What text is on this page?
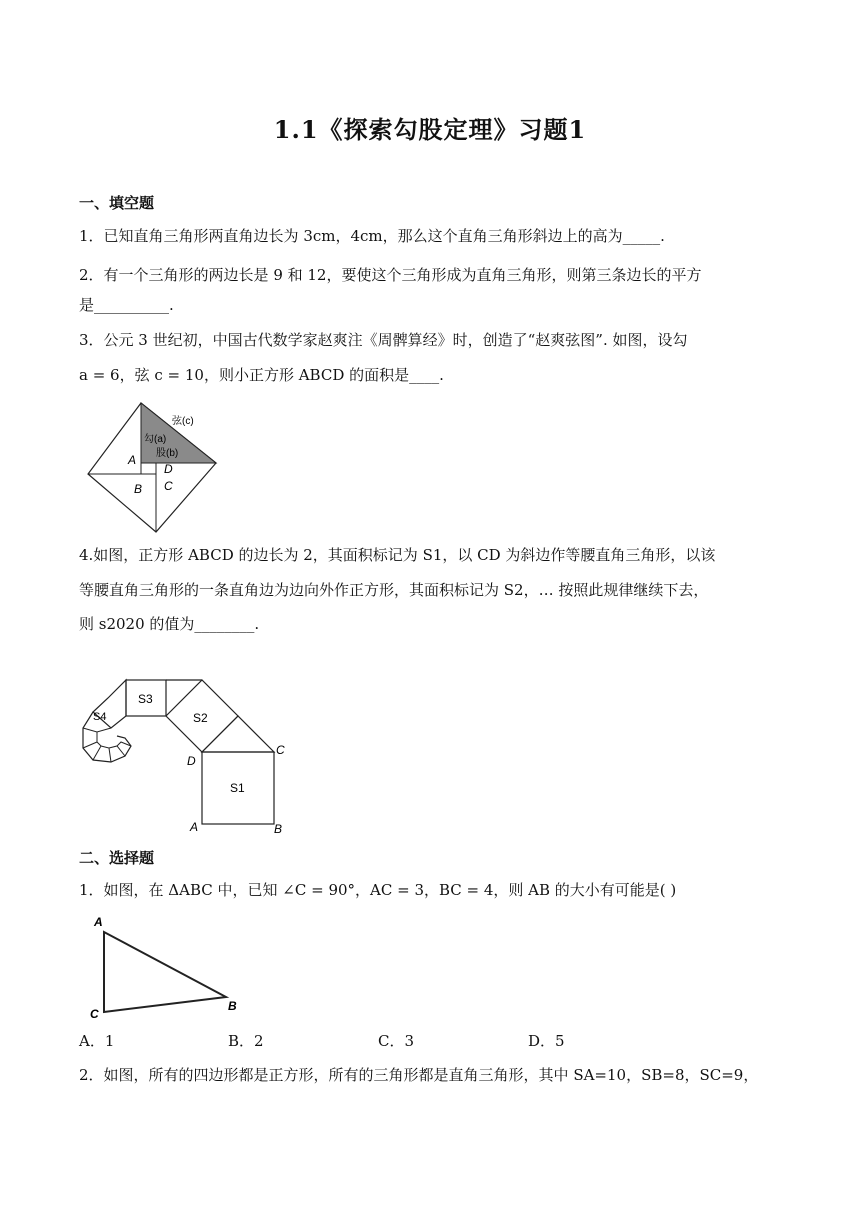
1.1《探索勾股定理》习题1
一、填空题
1．已知直角三角形两直角边长为 3cm，4cm，那么这个直角三角形斜边上的高为_____.
2．有一个三角形的两边长是 9 和 12，要使这个三角形成为直角三角形，则第三条边长的平方
是__________.
3．公元 3 世纪初，中国古代数学家赵爽注《周髀算经》时，创造了“赵爽弦图”. 如图，设勾
a = 6，弦 c = 10，则小正方形 ABCD 的面积是____.
弦(c)
勾(a)
股(b)
A
D
B C
4.如图，正方形 ABCD 的边长为 2，其面积标记为 S1，以 CD 为斜边作等腰直角三角形，以该
等腰直角三角形的一条直角边为边向外作正方形，其面积标记为 S2，… 按照此规律继续下去，
则 s2020 的值为________.
S1
S2
S3
S4
D
C
A	B
二、选择题
1．如图，在 ΔABC 中，已知 ∠C = 90°，AC = 3，BC = 4，则 AB 的大小有可能是( )
A
B
C
A．1	B．2	C．3	D．5
2．如图，所有的四边形都是正方形，所有的三角形都是直角三角形，其中 SA=10，SB=8，SC=9，
